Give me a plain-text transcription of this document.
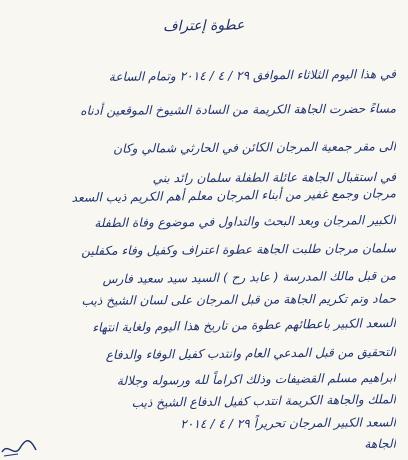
عطوة إعتراف
في هذا اليوم الثلاثاء الموافق ٢٩ / ٤ / ٢٠١٤ وتمام الساعة
مساءً حضرت الجاهة الكريمة من السادة الشيوخ الموقعين أدناه
الى مقر جمعية المرجان الكائن في الحارثي شمالي وكان
في استقبال الجاهة عائلة الطفلة سلمان رائد بني
مرجان وجمع غفير من أبناء المرجان معلم أهم الكريم ذيب السعد
الكبير المرجان وبعد البحث والتداول في موضوع وفاة الطفلة
سلمان مرجان طلبت الجاهة عطوة اعتراف وكفيل وفاء مكفلين
من قبل مالك المدرسة ( عابد رح ) السيد سيد سعيد فارس
حماد وتم تكريم الجاهة من قبل المرجان على لسان الشيخ ذيب
السعد الكبير باعطائهم عطوة من تاريخ هذا اليوم ولغاية انتهاء
التحقيق من قبل المدعي العام وانتدب كفيل الوفاء والدفاع
ابراهيم مسلم القضيفات وذلك اكراماً لله ورسوله وجلالة
الملك والجاهة الكريمة انتدب كفيل الدفاع الشيخ ذيب
السعد الكبير المرجان تحريراً ٢٩ / ٤ / ٢٠١٤
الجاهة
